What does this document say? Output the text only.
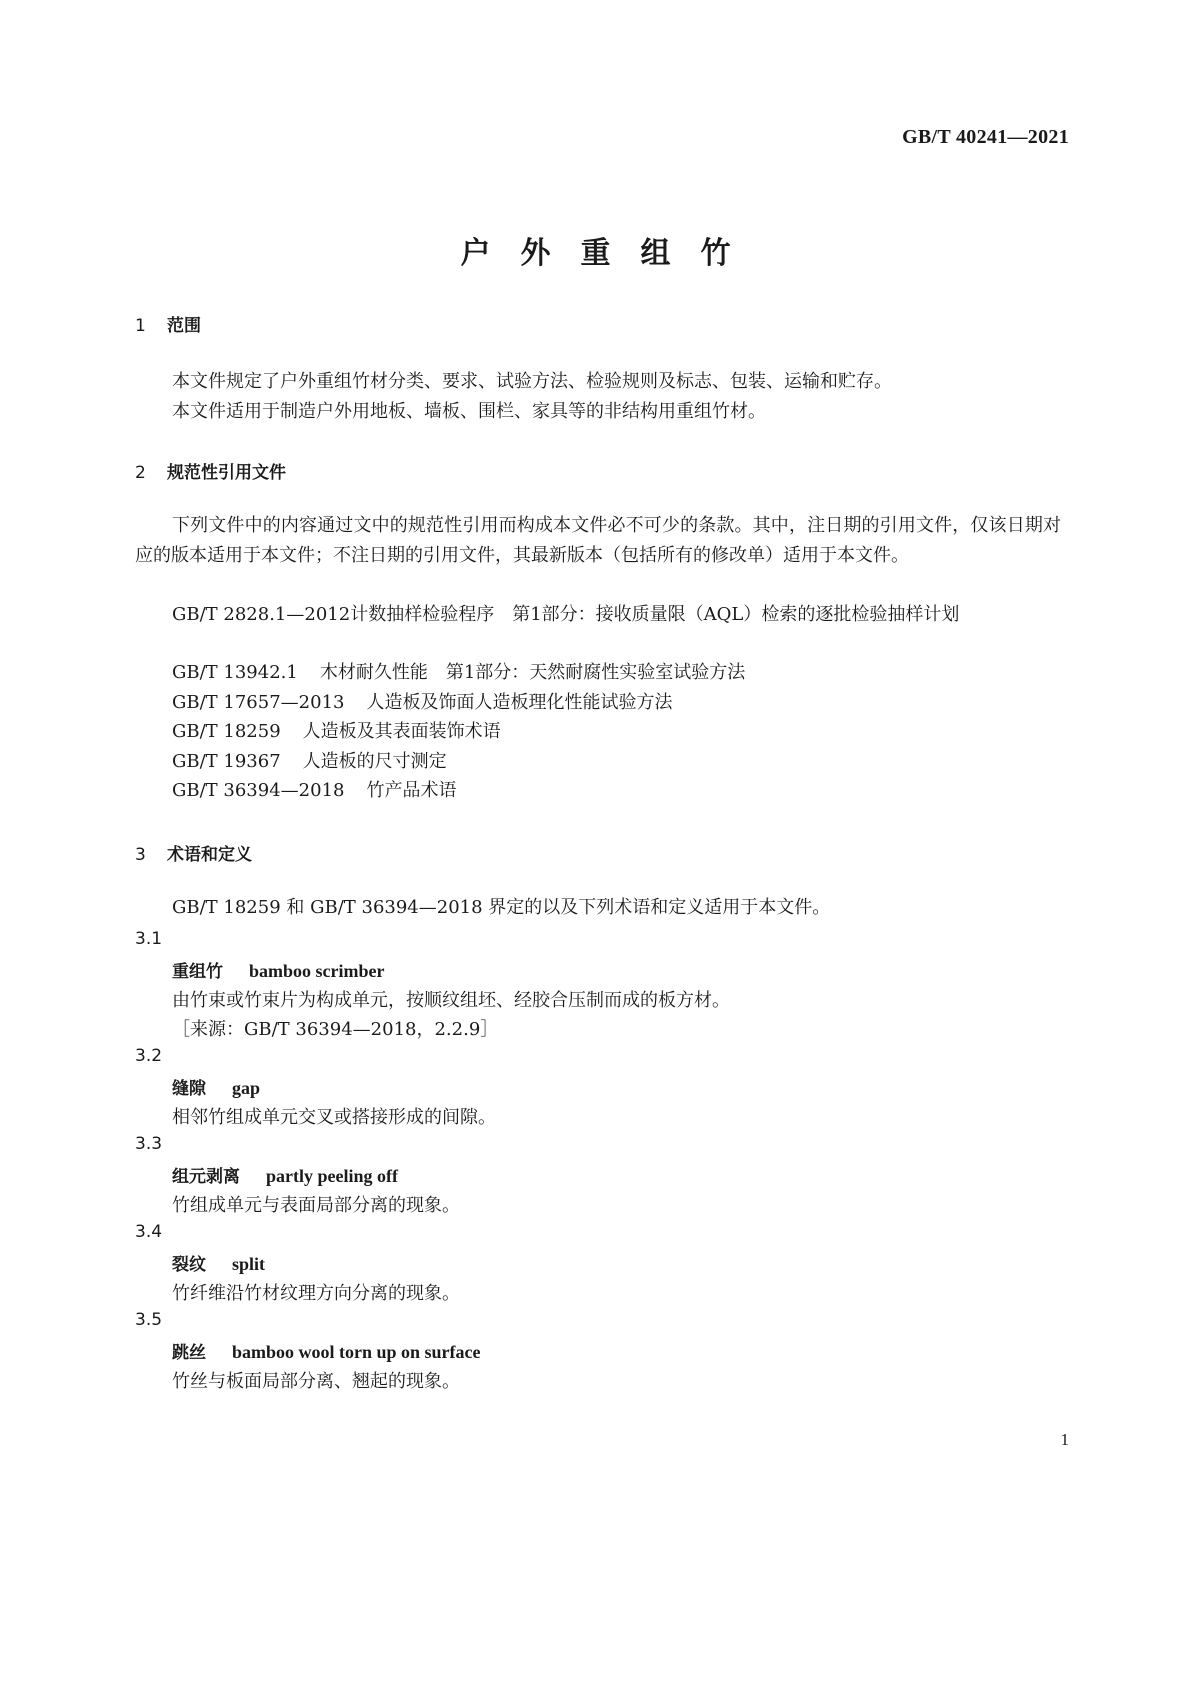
GB/T 40241—2021
户外重组竹
1 范围

本文件规定了户外重组竹材分类、要求、试验方法、检验规则及标志、包装、运输和贮存。

本文件适用于制造户外用地板、墙板、围栏、家具等的非结构用重组竹材。

2 规范性引用文件

下列文件中的内容通过文中的规范性引用而构成本文件必不可少的条款。其中，注日期的引用文件，仅该日期对应的版本适用于本文件；不注日期的引用文件，其最新版本（包括所有的修改单）适用于本文件。

GB/T 2828.1—2012计数抽样检验程序　第1部分：接收质量限（AQL）检索的逐批检验抽样计划

GB/T 13942.1 木材耐久性能　第1部分：天然耐腐性实验室试验方法

GB/T 17657—2013 人造板及饰面人造板理化性能试验方法

GB/T 18259 人造板及其表面装饰术语

GB/T 19367 人造板的尺寸测定

GB/T 36394—2018 竹产品术语

3 术语和定义

GB/T 18259 和 GB/T 36394—2018 界定的以及下列术语和定义适用于本文件。

3.1
重组竹 bamboo scrimber
由竹束或竹束片为构成单元，按顺纹组坯、经胶合压制而成的板方材。
［来源：GB/T 36394—2018，2.2.9］
3.2
缝隙 gap
相邻竹组成单元交叉或搭接形成的间隙。
3.3
组元剥离 partly peeling off
竹组成单元与表面局部分离的现象。
3.4
裂纹 split
竹纤维沿竹材纹理方向分离的现象。
3.5
跳丝 bamboo wool torn up on surface
竹丝与板面局部分离、翘起的现象。
1
